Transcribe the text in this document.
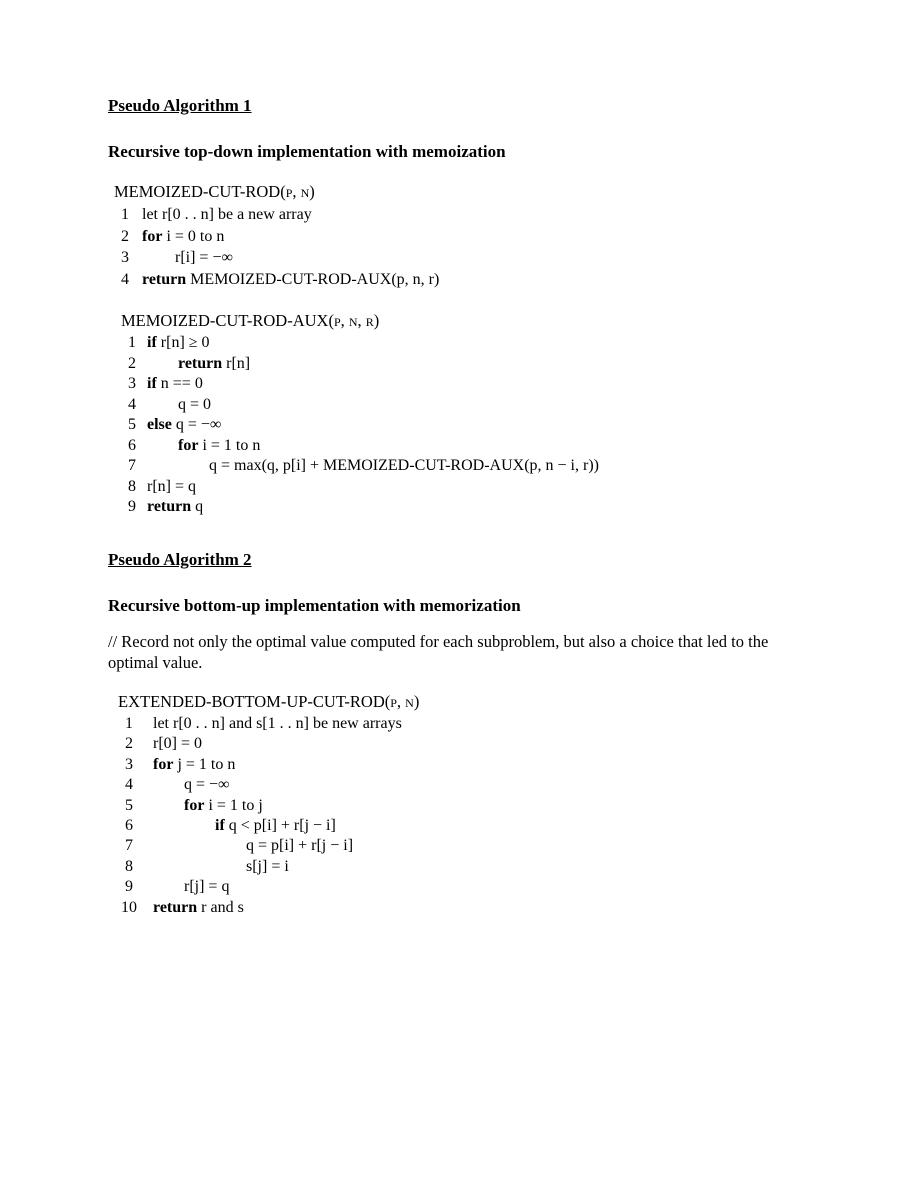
Pseudo Algorithm 1
Recursive top-down implementation with memoization
MEMOIZED-CUT-ROD(p, n)
1 let r[0 . . n] be a new array
2 for i = 0 to n
3	r[i] = −∞
4 return MEMOIZED-CUT-ROD-AUX(p, n, r)
MEMOIZED-CUT-ROD-AUX(p, n, r)
1 if r[n] ≥ 0
2	return r[n]
3 if n == 0
4	q = 0
5 else q = −∞
6	for i = 1 to n
7	q = max(q, p[i] + MEMOIZED-CUT-ROD-AUX(p, n − i, r))
8 r[n] = q
9 return q
Pseudo Algorithm 2
Recursive bottom-up implementation with memorization
// Record not only the optimal value computed for each subproblem, but also a choice that led to the optimal value.
EXTENDED-BOTTOM-UP-CUT-ROD(p, n)
1	let r[0 . . n] and s[1 . . n] be new arrays
2	r[0] = 0
3	for j = 1 to n
4	q = −∞
5	for i = 1 to j
6	if q < p[i] + r[j − i]
7	q = p[i] + r[j − i]
8	s[j] = i
9	r[j] = q
10 return r and s
